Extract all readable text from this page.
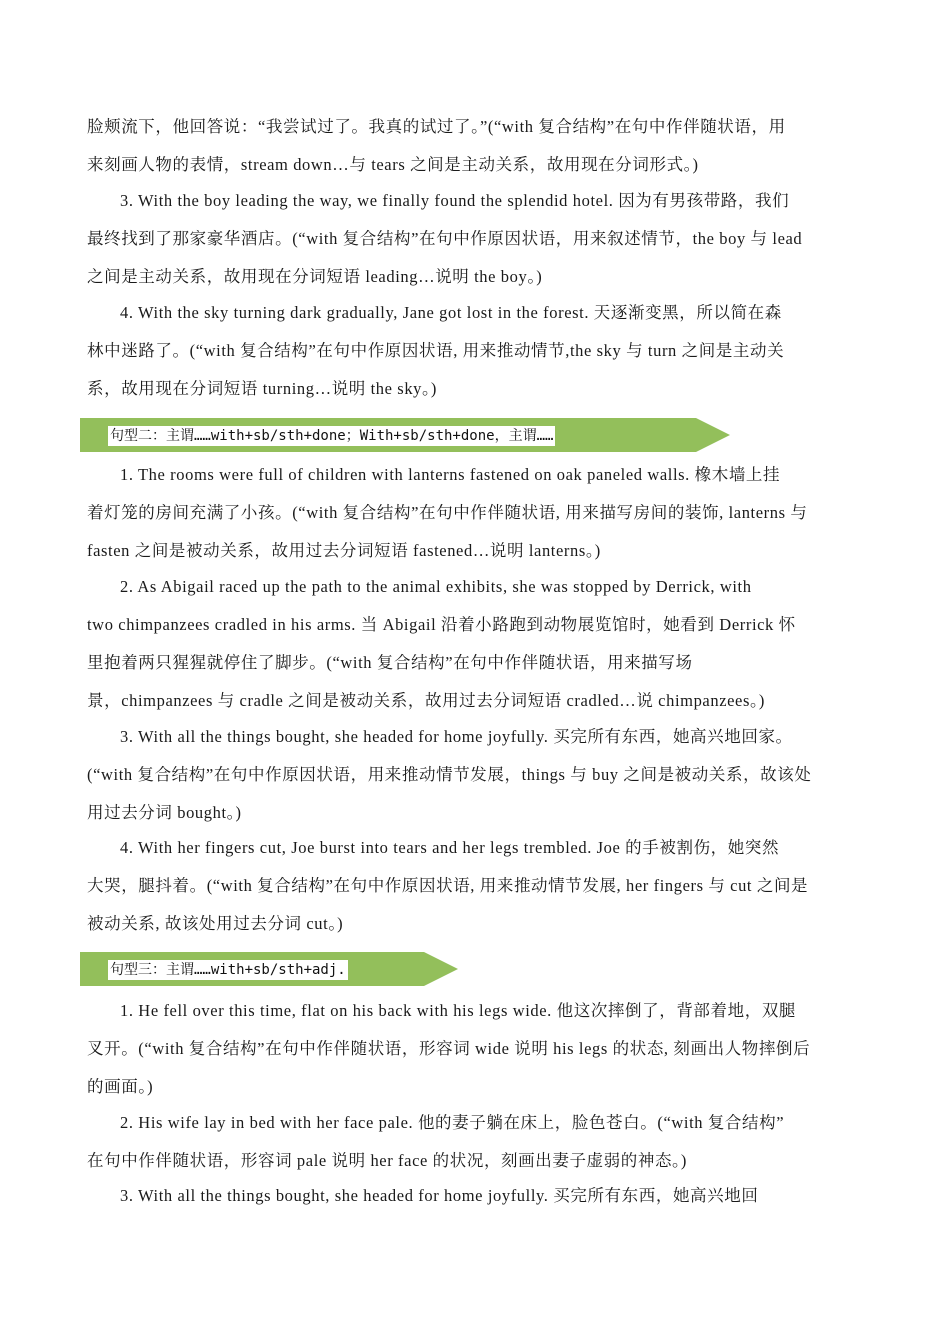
脸颊流下，他回答说：“我尝试过了。我真的试过了。”(“with 复合结构”在句中作伴随状语，用
来刻画人物的表情，stream down…与 tears 之间是主动关系，故用现在分词形式。)
3. With the boy leading the way, we finally found the splendid hotel. 因为有男孩带路，我们
最终找到了那家豪华酒店。(“with 复合结构”在句中作原因状语，用来叙述情节，the boy 与 lead
之间是主动关系，故用现在分词短语 leading…说明 the boy。)
4. With the sky turning dark gradually, Jane got lost in the forest. 天逐渐变黑，所以简在森
林中迷路了。(“with 复合结构”在句中作原因状语, 用来推动情节,the sky 与 turn 之间是主动关
系，故用现在分词短语 turning…说明 the sky。)
句型二：主谓……with+sb/sth+done；With+sb/sth+done，主谓……
1. The rooms were full of children with lanterns fastened on oak paneled walls. 橡木墙上挂
着灯笼的房间充满了小孩。(“with 复合结构”在句中作伴随状语, 用来描写房间的装饰, lanterns 与
fasten 之间是被动关系，故用过去分词短语 fastened…说明 lanterns。)
2. As Abigail raced up the path to the animal exhibits, she was stopped by Derrick, with
two chimpanzees cradled in his arms. 当 Abigail 沿着小路跑到动物展览馆时，她看到 Derrick 怀
里抱着两只猩猩就停住了脚步。(“with 复合结构”在句中作伴随状语，用来描写场
景，chimpanzees 与 cradle 之间是被动关系，故用过去分词短语 cradled…说 chimpanzees。)
3. With all the things bought, she headed for home joyfully. 买完所有东西，她高兴地回家。
(“with 复合结构”在句中作原因状语，用来推动情节发展，things 与 buy 之间是被动关系，故该处
用过去分词 bought。)
4. With her fingers cut, Joe burst into tears and her legs trembled. Joe 的手被割伤，她突然
大哭，腿抖着。(“with 复合结构”在句中作原因状语, 用来推动情节发展, her fingers 与 cut 之间是
被动关系, 故该处用过去分词 cut。)
句型三：主谓……with+sb/sth+adj.
1. He fell over this time, flat on his back with his legs wide. 他这次摔倒了，背部着地，双腿
叉开。(“with 复合结构”在句中作伴随状语，形容词 wide 说明 his legs 的状态, 刻画出人物摔倒后
的画面。)
2. His wife lay in bed with her face pale. 他的妻子躺在床上，脸色苍白。(“with 复合结构”
在句中作伴随状语，形容词 pale 说明 her face 的状况，刻画出妻子虚弱的神态。)
3. With all the things bought, she headed for home joyfully. 买完所有东西，她高兴地回
